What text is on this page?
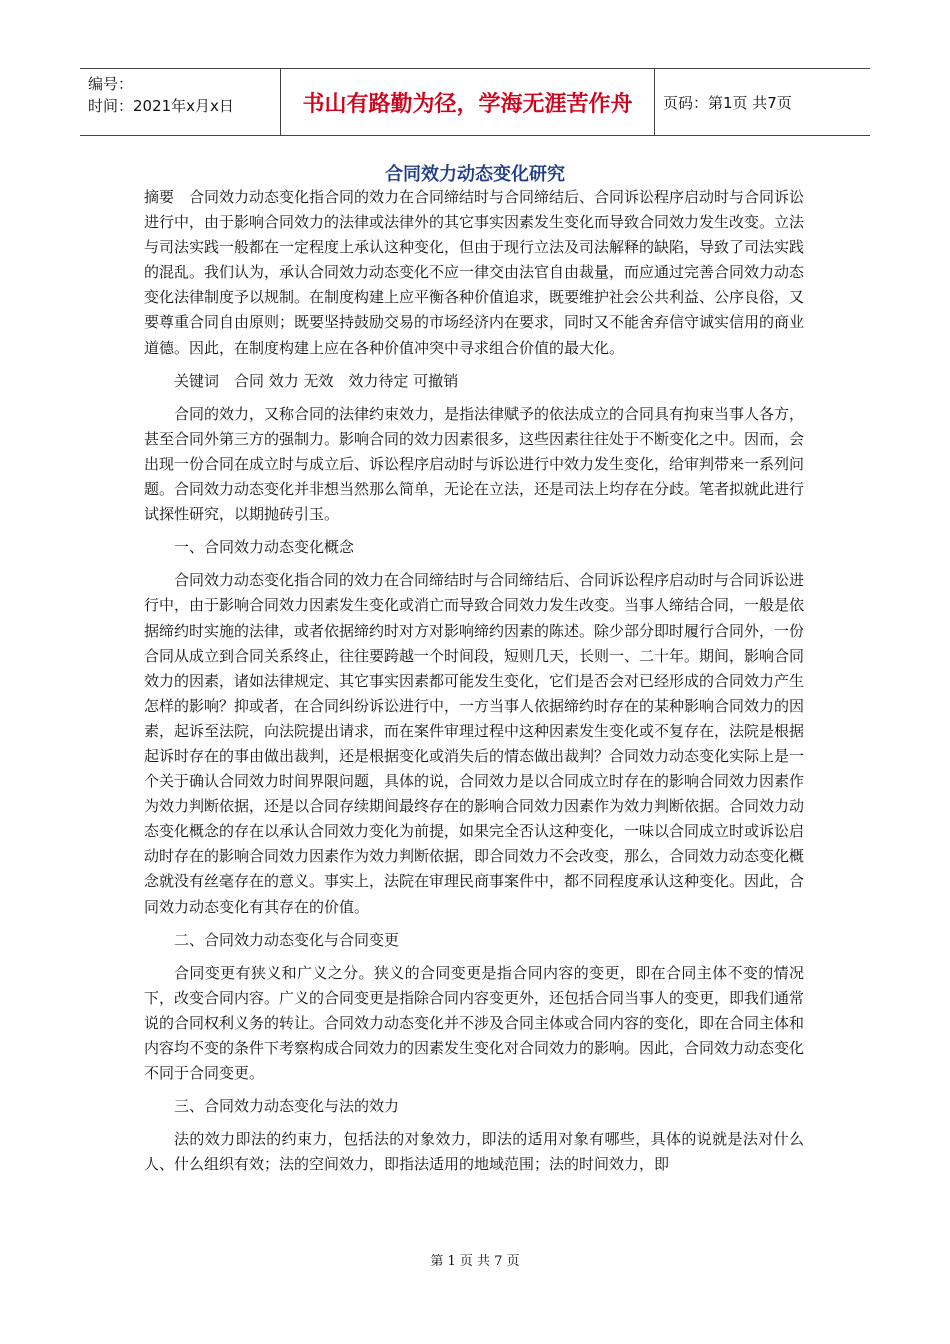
编号：
时间：2021年x月x日	书山有路勤为径，学海无涯苦作舟 页码：第1页 共7页
合同效力动态变化研究

摘要　合同效力动态变化指合同的效力在合同缔结时与合同缔结后、合同诉讼程序启动时与合同诉讼进行中，由于影响合同效力的法律或法律外的其它事实因素发生变化而导致合同效力发生改变。立法与司法实践一般都在一定程度上承认这种变化，但由于现行立法及司法解释的缺陷，导致了司法实践的混乱。我们认为，承认合同效力动态变化不应一律交由法官自由裁量，而应通过完善合同效力动态变化法律制度予以规制。在制度构建上应平衡各种价值追求，既要维护社会公共利益、公序良俗，又要尊重合同自由原则；既要坚持鼓励交易的市场经济内在要求，同时又不能舍弃信守诚实信用的商业道德。因此，在制度构建上应在各种价值冲突中寻求组合价值的最大化。

关键词　合同 效力 无效　效力待定 可撤销

合同的效力，又称合同的法律约束效力，是指法律赋予的依法成立的合同具有拘束当事人各方，甚至合同外第三方的强制力。影响合同的效力因素很多，这些因素往往处于不断变化之中。因而，会出现一份合同在成立时与成立后、诉讼程序启动时与诉讼进行中效力发生变化，给审判带来一系列问题。合同效力动态变化并非想当然那么简单，无论在立法，还是司法上均存在分歧。笔者拟就此进行试探性研究，以期抛砖引玉。

一、合同效力动态变化概念

合同效力动态变化指合同的效力在合同缔结时与合同缔结后、合同诉讼程序启动时与合同诉讼进行中，由于影响合同效力因素发生变化或消亡而导致合同效力发生改变。当事人缔结合同，一般是依据缔约时实施的法律，或者依据缔约时对方对影响缔约因素的陈述。除少部分即时履行合同外，一份合同从成立到合同关系终止，往往要跨越一个时间段，短则几天，长则一、二十年。期间，影响合同效力的因素，诸如法律规定、其它事实因素都可能发生变化，它们是否会对已经形成的合同效力产生怎样的影响？抑或者，在合同纠纷诉讼进行中，一方当事人依据缔约时存在的某种影响合同效力的因素，起诉至法院，向法院提出请求，而在案件审理过程中这种因素发生变化或不复存在，法院是根据起诉时存在的事由做出裁判，还是根据变化或消失后的情态做出裁判？合同效力动态变化实际上是一个关于确认合同效力时间界限问题，具体的说，合同效力是以合同成立时存在的影响合同效力因素作为效力判断依据，还是以合同存续期间最终存在的影响合同效力因素作为效力判断依据。合同效力动态变化概念的存在以承认合同效力变化为前提，如果完全否认这种变化，一味以合同成立时或诉讼启动时存在的影响合同效力因素作为效力判断依据，即合同效力不会改变，那么，合同效力动态变化概念就没有丝毫存在的意义。事实上，法院在审理民商事案件中，都不同程度承认这种变化。因此，合同效力动态变化有其存在的价值。

二、合同效力动态变化与合同变更

合同变更有狭义和广义之分。狭义的合同变更是指合同内容的变更，即在合同主体不变的情况下，改变合同内容。广义的合同变更是指除合同内容变更外，还包括合同当事人的变更，即我们通常说的合同权利义务的转让。合同效力动态变化并不涉及合同主体或合同内容的变化，即在合同主体和内容均不变的条件下考察构成合同效力的因素发生变化对合同效力的影响。因此，合同效力动态变化不同于合同变更。

三、合同效力动态变化与法的效力

法的效力即法的约束力，包括法的对象效力，即法的适用对象有哪些，具体的说就是法对什么人、什么组织有效；法的空间效力，即指法适用的地域范围；法的时间效力，即

第 1 页 共 7 页
